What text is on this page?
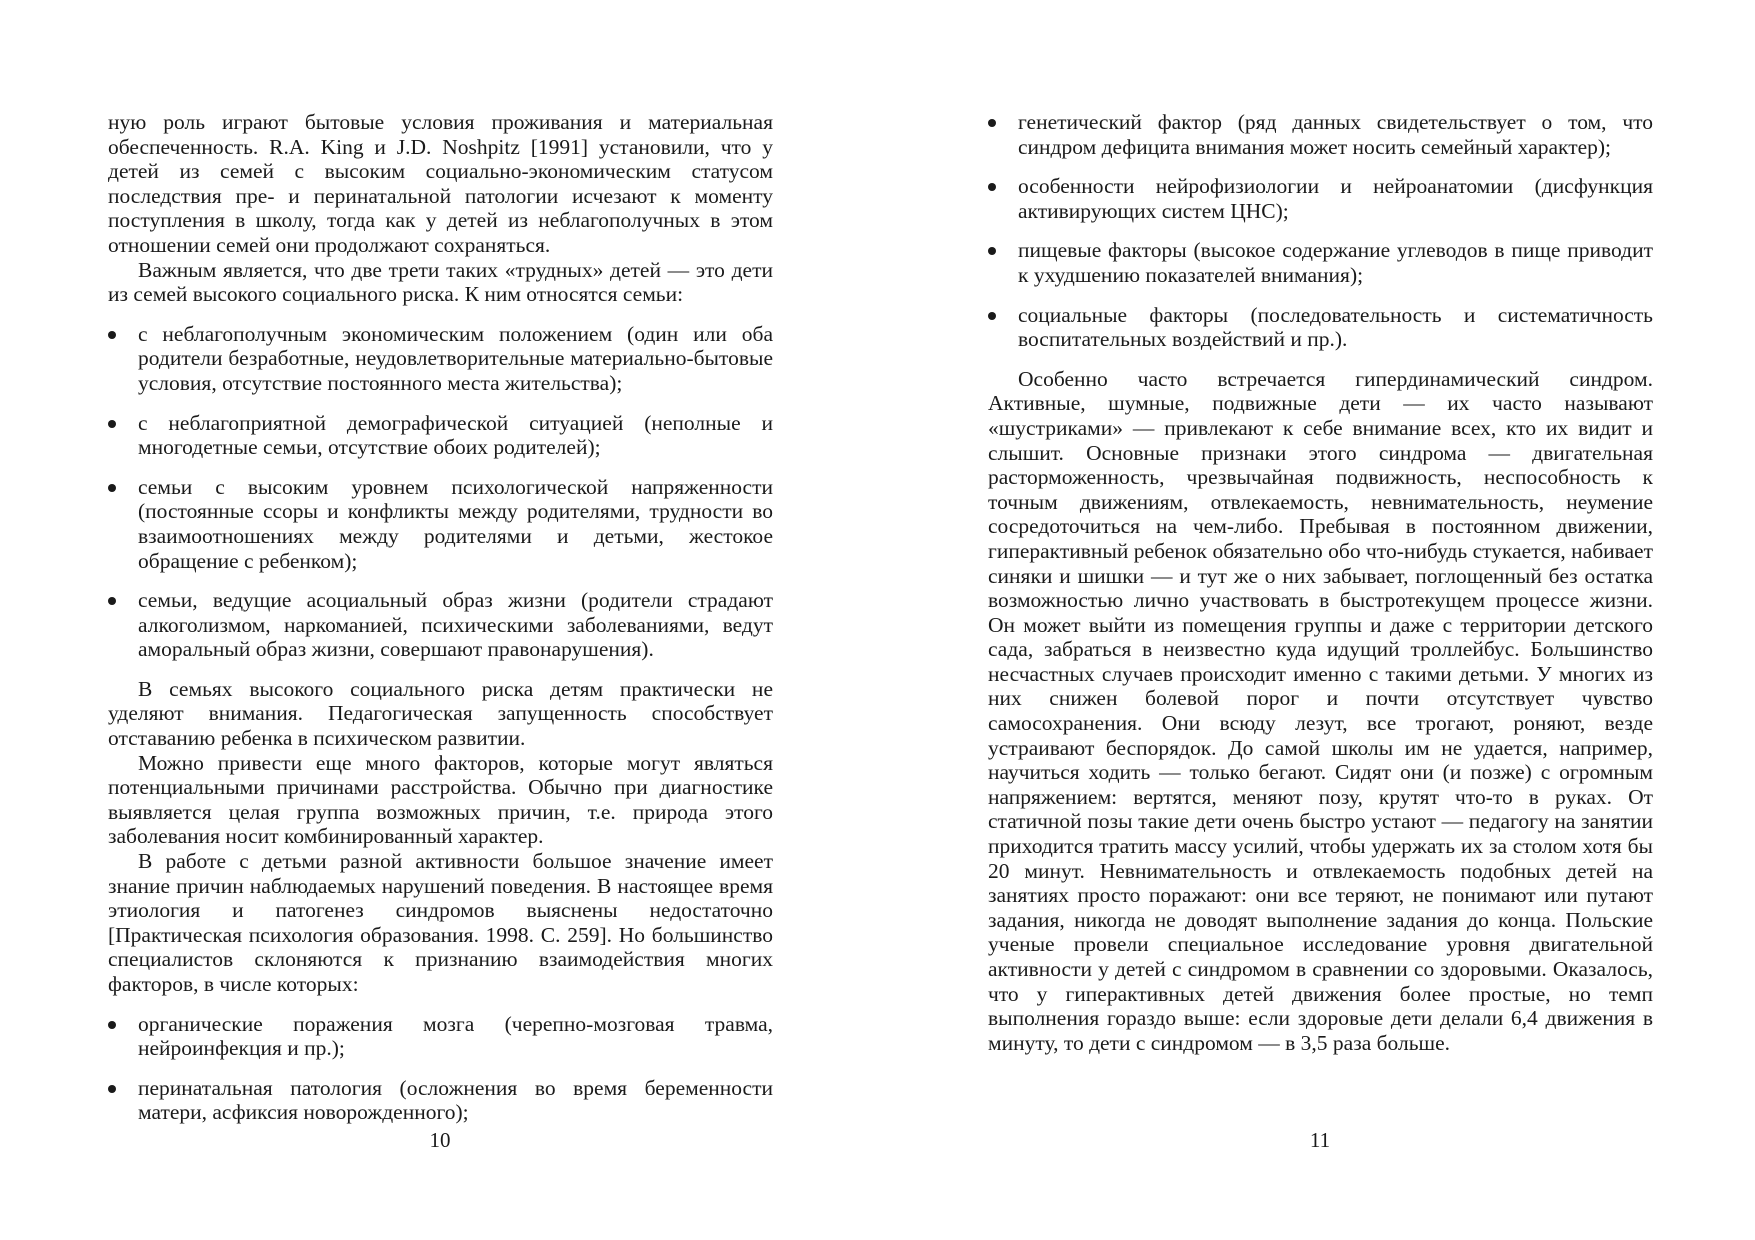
ную роль играют бытовые условия проживания и материальная обеспеченность. R.A. King и J.D. Noshpitz [1991] установили, что у детей из семей с высоким социально-экономическим статусом последствия пре- и перинатальной патологии исчезают к моменту поступления в школу, тогда как у детей из неблагополучных в этом отношении семей они продолжают сохраняться.

Важным является, что две трети таких «трудных» детей — это дети из семей высокого социального риска. К ним относятся семьи:

с неблагополучным экономическим положением (один или оба родители безработные, неудовлетворительные материально-бытовые условия, отсутствие постоянного места жительства);
с неблагоприятной демографической ситуацией (неполные и многодетные семьи, отсутствие обоих родителей);
семьи с высоким уровнем психологической напряженности (постоянные ссоры и конфликты между родителями, трудности во взаимоотношениях между родителями и детьми, жестокое обращение с ребенком);
семьи, ведущие асоциальный образ жизни (родители страдают алкоголизмом, наркоманией, психическими заболеваниями, ведут аморальный образ жизни, совершают правонарушения).

В семьях высокого социального риска детям практически не уделяют внимания. Педагогическая запущенность способствует отставанию ребенка в психическом развитии.

Можно привести еще много факторов, которые могут являться потенциальными причинами расстройства. Обычно при диагностике выявляется целая группа возможных причин, т.е. природа этого заболевания носит комбинированный характер.

В работе с детьми разной активности большое значение имеет знание причин наблюдаемых нарушений поведения. В настоящее время этиология и патогенез синдромов выяснены недостаточно [Практическая психология образования. 1998. С. 259]. Но большинство специалистов склоняются к признанию взаимодействия многих факторов, в числе которых:

органические поражения мозга (черепно-мозговая травма, нейроинфекция и пр.);
перинатальная патология (осложнения во время беременности матери, асфиксия новорожденного);
10
генетический фактор (ряд данных свидетельствует о том, что синдром дефицита внимания может носить семейный характер);
особенности нейрофизиологии и нейроанатомии (дисфункция активирующих систем ЦНС);
пищевые факторы (высокое содержание углеводов в пище приводит к ухудшению показателей внимания);
социальные факторы (последовательность и систематичность воспитательных воздействий и пр.).

Особенно часто встречается гипердинамический синдром. Активные, шумные, подвижные дети — их часто называют «шустриками» — привлекают к себе внимание всех, кто их видит и слышит. Основные признаки этого синдрома — двигательная расторможенность, чрезвычайная подвижность, неспособность к точным движениям, отвлекаемость, невнимательность, неумение сосредоточиться на чем-либо. Пребывая в постоянном движении, гиперактивный ребенок обязательно обо что-нибудь стукается, набивает синяки и шишки — и тут же о них забывает, поглощенный без остатка возможностью лично участвовать в быстротекущем процессе жизни. Он может выйти из помещения группы и даже с территории детского сада, забраться в неизвестно куда идущий троллейбус. Большинство несчастных случаев происходит именно с такими детьми. У многих из них снижен болевой порог и почти отсутствует чувство самосохранения. Они всюду лезут, все трогают, роняют, везде устраивают беспорядок. До самой школы им не удается, например, научиться ходить — только бегают. Сидят они (и позже) с огромным напряжением: вертятся, меняют позу, крутят что-то в руках. От статичной позы такие дети очень быстро устают — педагогу на занятии приходится тратить массу усилий, чтобы удержать их за столом хотя бы 20 минут. Невнимательность и отвлекаемость подобных детей на занятиях просто поражают: они все теряют, не понимают или путают задания, никогда не доводят выполнение задания до конца. Польские ученые провели специальное исследование уровня двигательной активности у детей с синдромом в сравнении со здоровыми. Оказалось, что у гиперактивных детей движения более простые, но темп выполнения гораздо выше: если здоровые дети делали 6,4 движения в минуту, то дети с синдромом — в 3,5 раза больше.

11
